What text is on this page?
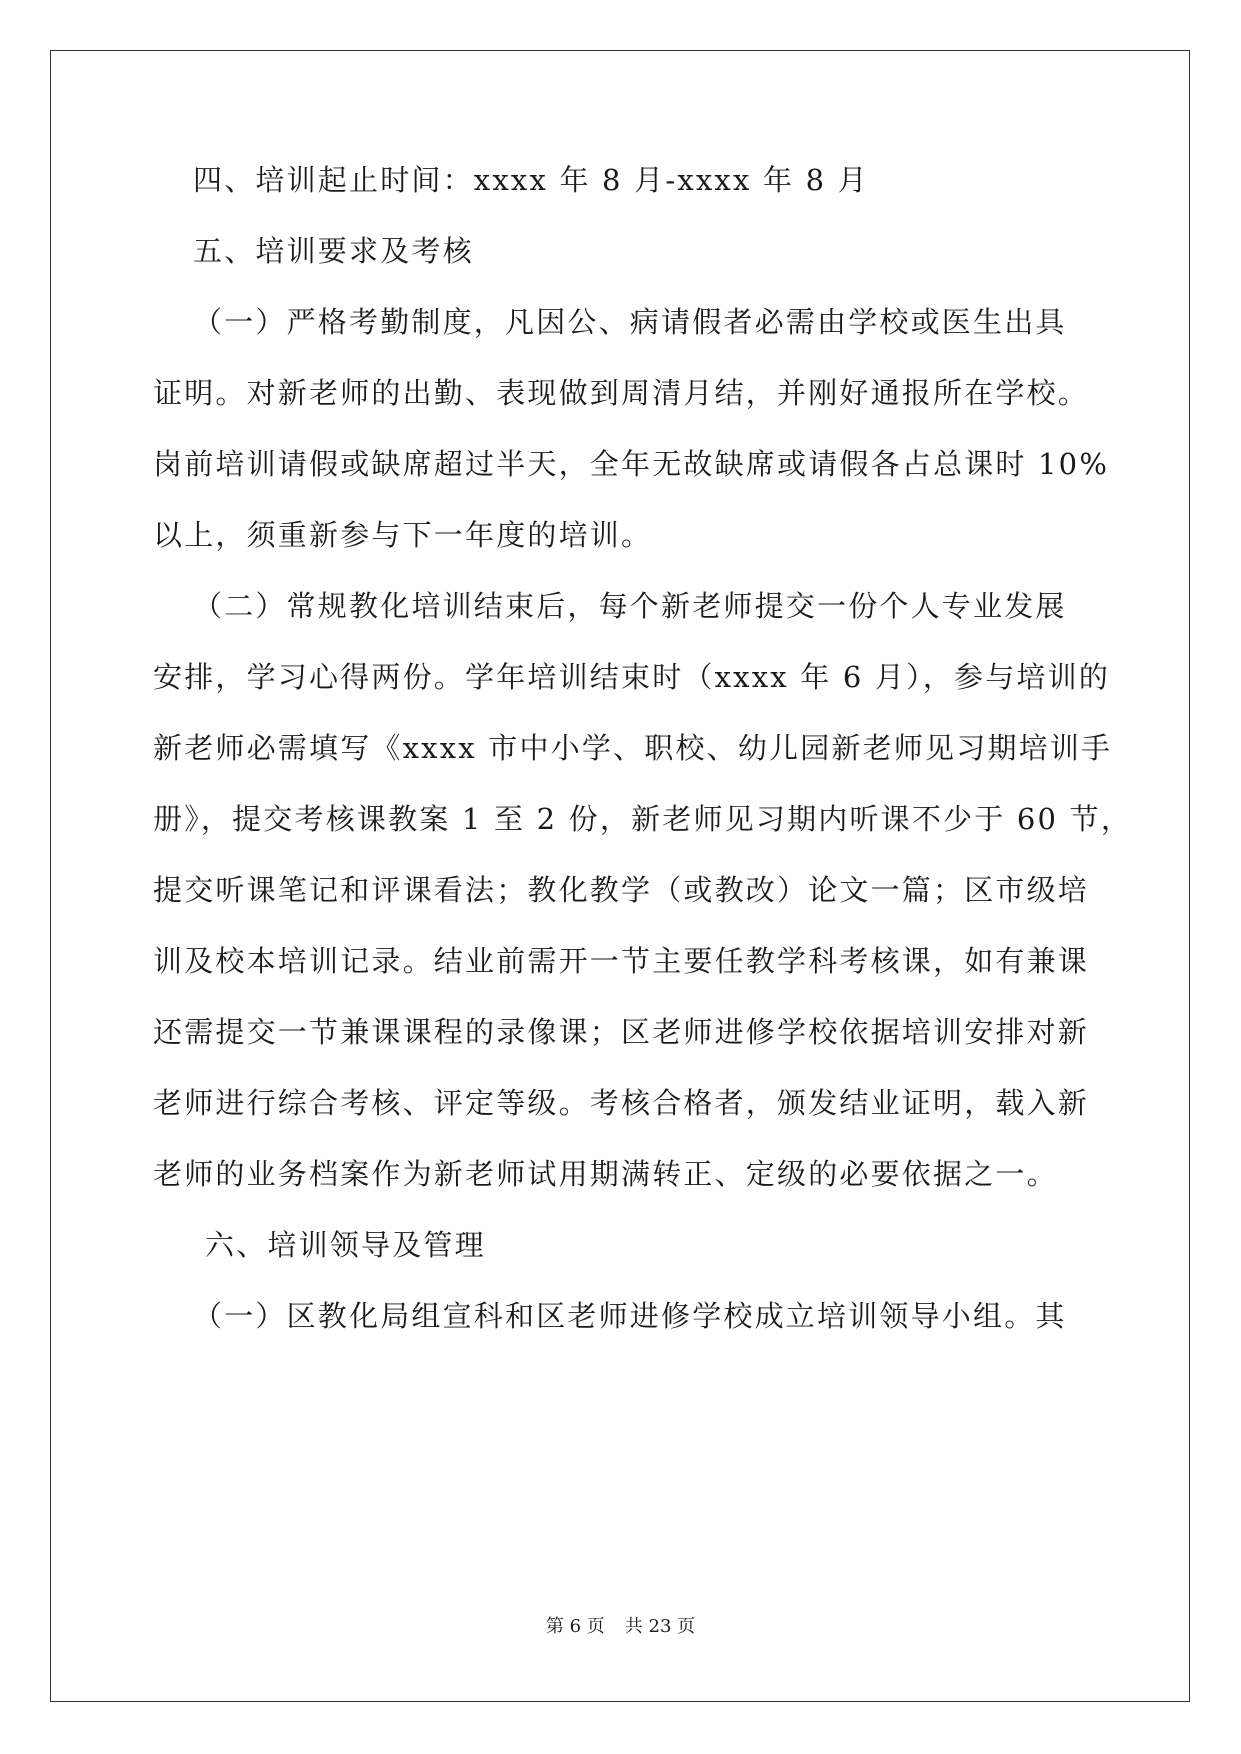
四、培训起止时间：xxxx 年 8 月-xxxx 年 8 月
五、培训要求及考核
（一）严格考勤制度，凡因公、病请假者必需由学校或医生出具
证明。对新老师的出勤、表现做到周清月结，并刚好通报所在学校。
岗前培训请假或缺席超过半天，全年无故缺席或请假各占总课时 10%
以上，须重新参与下一年度的培训。
（二）常规教化培训结束后，每个新老师提交一份个人专业发展
安排，学习心得两份。学年培训结束时（xxxx 年 6 月），参与培训的
新老师必需填写《xxxx 市中小学、职校、幼儿园新老师见习期培训手
册》，提交考核课教案 1 至 2 份，新老师见习期内听课不少于 60 节，
提交听课笔记和评课看法；教化教学（或教改）论文一篇；区市级培
训及校本培训记录。结业前需开一节主要任教学科考核课，如有兼课
还需提交一节兼课课程的录像课；区老师进修学校依据培训安排对新
老师进行综合考核、评定等级。考核合格者，颁发结业证明，载入新
老师的业务档案作为新老师试用期满转正、定级的必要依据之一。
六、培训领导及管理
（一）区教化局组宣科和区老师进修学校成立培训领导小组。其
第 6 页 共 23 页
